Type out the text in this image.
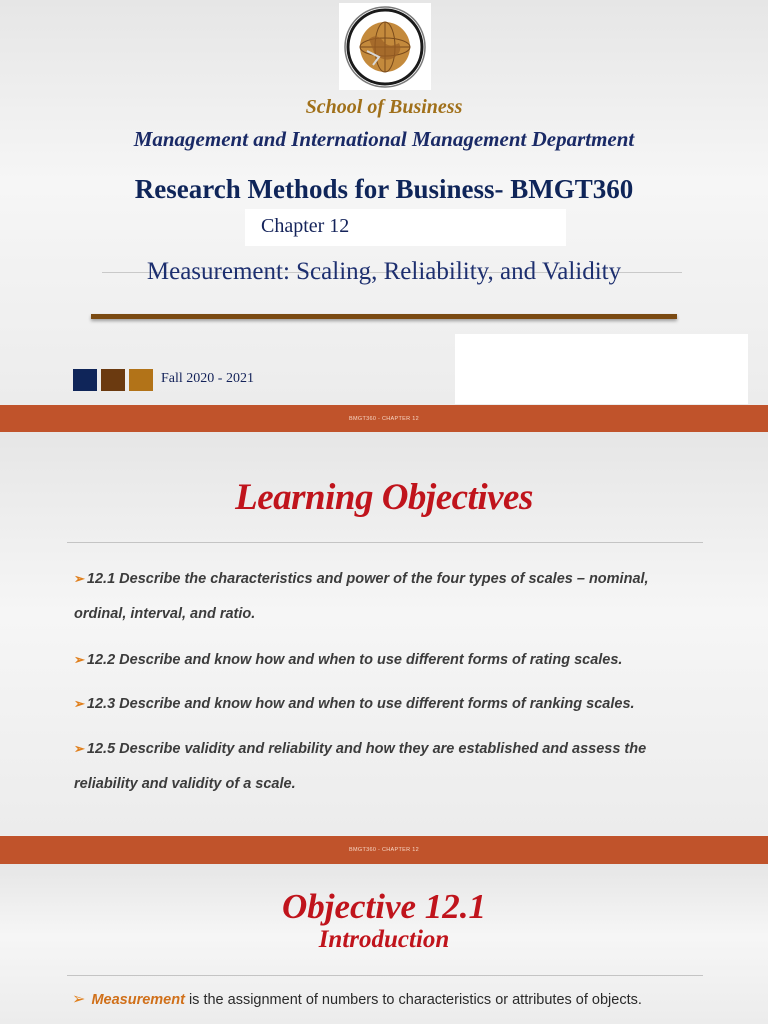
School of Business
Management and International Management Department
Research Methods for Business- BMGT360
Chapter 12
Measurement: Scaling, Reliability, and Validity
Fall 2020 - 2021
BMGT360 - CHAPTER 12
Learning Objectives
➢ 12.1 Describe the characteristics and power of the four types of scales – nominal,
ordinal, interval, and ratio.
➢ 12.2 Describe and know how and when to use different forms of rating scales.
➢ 12.3 Describe and know how and when to use different forms of ranking scales.
➢ 12.5 Describe validity and reliability and how they are established and assess the
reliability and validity of a scale.
BMGT360 - CHAPTER 12
Objective 12.1
Introduction
➢ Measurement is the assignment of numbers to characteristics or attributes of objects.
